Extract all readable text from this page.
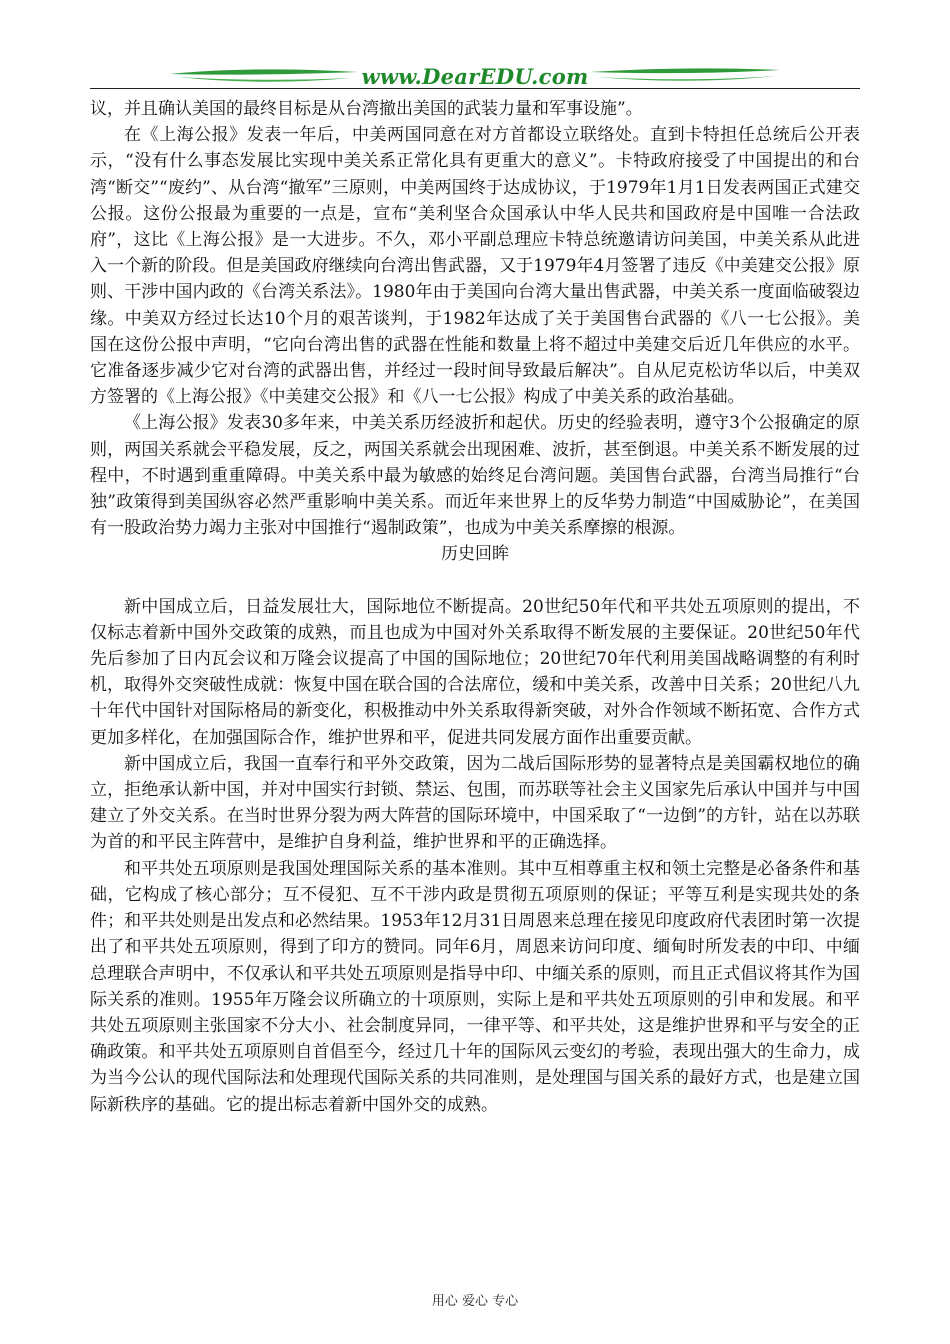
www.DearEDU.com

议，并且确认美国的最终目标是从台湾撤出美国的武装力量和军事设施”。

在《上海公报》发表一年后，中美两国同意在对方首都设立联络处。直到卡特担任总统后公开表示，“没有什么事态发展比实现中美关系正常化具有更重大的意义”。卡特政府接受了中国提出的和台湾“断交”“废约”、从台湾“撤军”三原则，中美两国终于达成协议，于1979年1月1日发表两国正式建交公报。这份公报最为重要的一点是，宣布“美利坚合众国承认中华人民共和国政府是中国唯一合法政府”，这比《上海公报》是一大进步。不久，邓小平副总理应卡特总统邀请访问美国，中美关系从此进入一个新的阶段。但是美国政府继续向台湾出售武器，又于1979年4月签署了违反《中美建交公报》原则、干涉中国内政的《台湾关系法》。1980年由于美国向台湾大量出售武器，中美关系一度面临破裂边缘。中美双方经过长达10个月的艰苦谈判，于1982年达成了关于美国售台武器的《八一七公报》。美国在这份公报中声明，“它向台湾出售的武器在性能和数量上将不超过中美建交后近几年供应的水平。它准备逐步减少它对台湾的武器出售，并经过一段时间导致最后解决”。自从尼克松访华以后，中美双方签署的《上海公报》《中美建交公报》和《八一七公报》构成了中美关系的政治基础。

《上海公报》发表30多年来，中美关系历经波折和起伏。历史的经验表明，遵守3个公报确定的原则，两国关系就会平稳发展，反之，两国关系就会出现困难、波折，甚至倒退。中美关系不断发展的过程中，不时遇到重重障碍。中美关系中最为敏感的始终足台湾问题。美国售台武器，台湾当局推行“台独”政策得到美国纵容必然严重影响中美关系。而近年来世界上的反华势力制造“中国威胁论”，在美国有一股政治势力竭力主张对中国推行“遏制政策”，也成为中美关系摩擦的根源。

历史回眸

新中国成立后，日益发展壮大，国际地位不断提高。20世纪50年代和平共处五项原则的提出，不仅标志着新中国外交政策的成熟，而且也成为中国对外关系取得不断发展的主要保证。20世纪50年代先后参加了日内瓦会议和万隆会议提高了中国的国际地位；20世纪70年代利用美国战略调整的有利时机，取得外交突破性成就：恢复中国在联合国的合法席位，缓和中美关系，改善中日关系；20世纪八九十年代中国针对国际格局的新变化，积极推动中外关系取得新突破，对外合作领域不断拓宽、合作方式更加多样化，在加强国际合作，维护世界和平，促进共同发展方面作出重要贡献。

新中国成立后，我国一直奉行和平外交政策，因为二战后国际形势的显著特点是美国霸权地位的确立，拒绝承认新中国，并对中国实行封锁、禁运、包围，而苏联等社会主义国家先后承认中国并与中国建立了外交关系。在当时世界分裂为两大阵营的国际环境中，中国采取了“一边倒”的方针，站在以苏联为首的和平民主阵营中，是维护自身利益，维护世界和平的正确选择。

和平共处五项原则是我国处理国际关系的基本准则。其中互相尊重主权和领土完整是必备条件和基础，它构成了核心部分；互不侵犯、互不干涉内政是贯彻五项原则的保证；平等互利是实现共处的条件；和平共处则是出发点和必然结果。1953年12月31日周恩来总理在接见印度政府代表团时第一次提出了和平共处五项原则，得到了印方的赞同。同年6月，周恩来访问印度、缅甸时所发表的中印、中缅总理联合声明中，不仅承认和平共处五项原则是指导中印、中缅关系的原则，而且正式倡议将其作为国际关系的准则。1955年万隆会议所确立的十项原则，实际上是和平共处五项原则的引申和发展。和平共处五项原则主张国家不分大小、社会制度异同，一律平等、和平共处，这是维护世界和平与安全的正确政策。和平共处五项原则自首倡至今，经过几十年的国际风云变幻的考验，表现出强大的生命力，成为当今公认的现代国际法和处理现代国际关系的共同准则，是处理国与国关系的最好方式，也是建立国际新秩序的基础。它的提出标志着新中国外交的成熟。

用心 爱心 专心
